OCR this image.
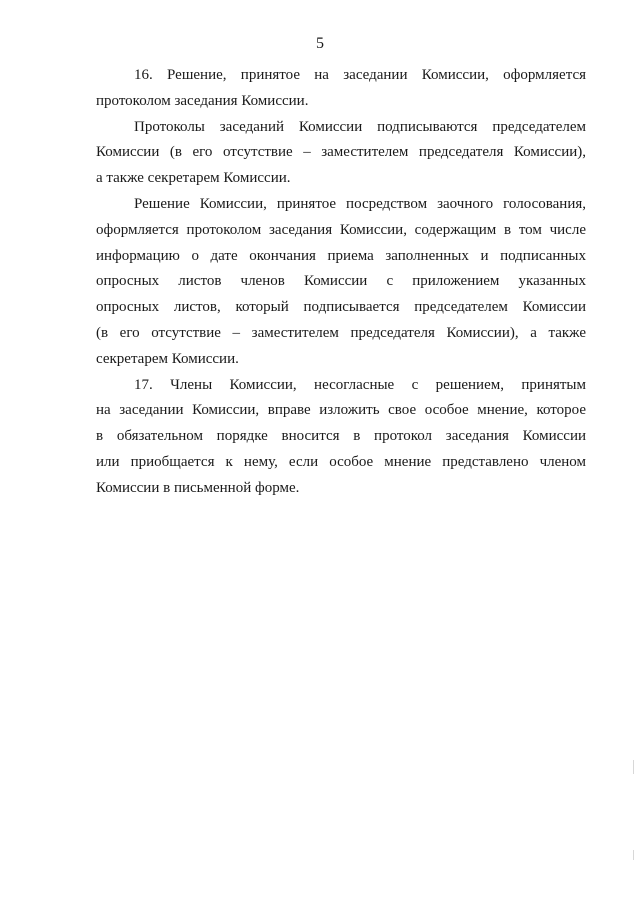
5
16. Решение, принятое на заседании Комиссии, оформляется
протоколом заседания Комиссии.
Протоколы заседаний Комиссии подписываются председателем
Комиссии (в его отсутствие – заместителем председателя Комиссии),
а также секретарем Комиссии.
Решение Комиссии, принятое посредством заочного голосования,
оформляется протоколом заседания Комиссии, содержащим в том числе
информацию о дате окончания приема заполненных и подписанных
опросных листов членов Комиссии с приложением указанных
опросных листов, который подписывается председателем Комиссии
(в его отсутствие – заместителем председателя Комиссии), а также
секретарем Комиссии.
17. Члены Комиссии, несогласные с решением, принятым
на заседании Комиссии, вправе изложить свое особое мнение, которое
в обязательном порядке вносится в протокол заседания Комиссии
или приобщается к нему, если особое мнение представлено членом
Комиссии в письменной форме.
